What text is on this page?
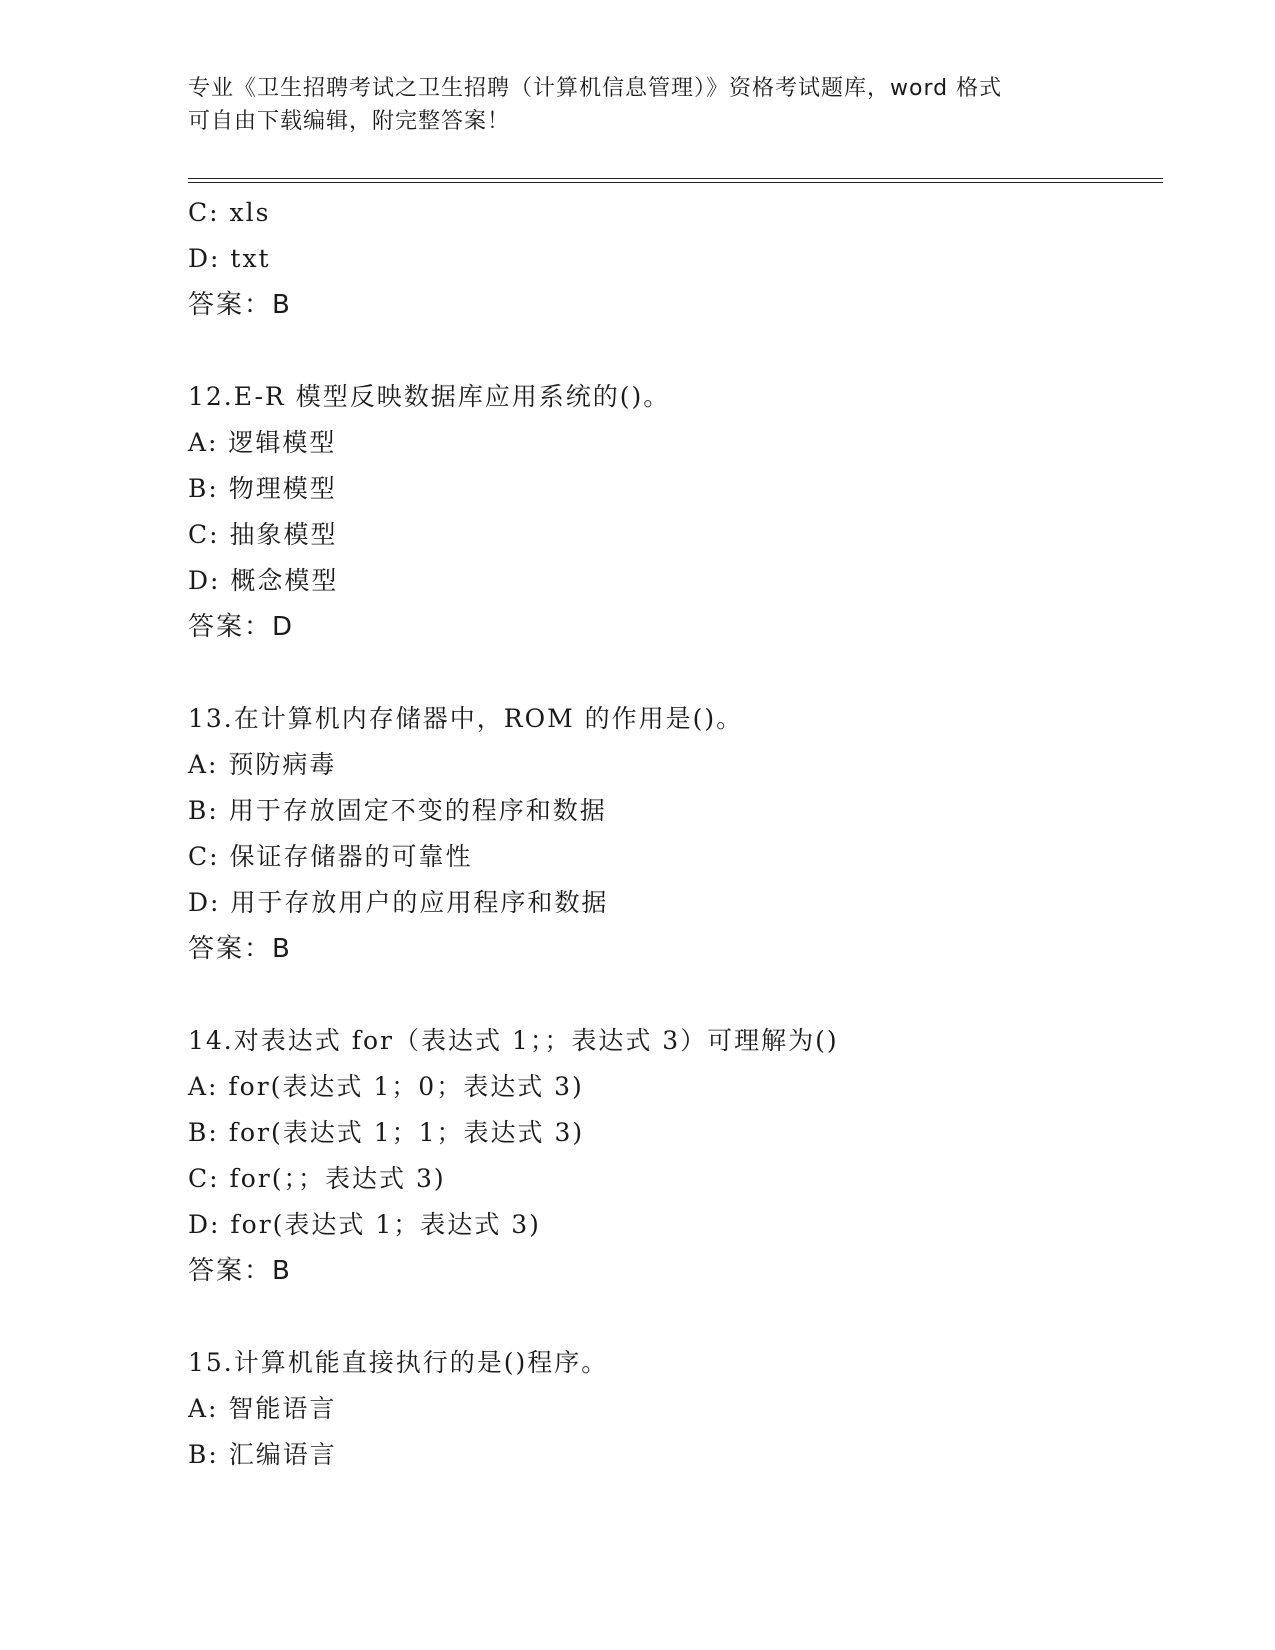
专业《卫生招聘考试之卫生招聘（计算机信息管理）》资格考试题库，word 格式
可自由下载编辑，附完整答案！
C: xls
D: txt
答案：B
12.E-R 模型反映数据库应用系统的()。
A: 逻辑模型
B: 物理模型
C: 抽象模型
D: 概念模型
答案：D
13.在计算机内存储器中，ROM 的作用是()。
A: 预防病毒
B: 用于存放固定不变的程序和数据
C: 保证存储器的可靠性
D: 用于存放用户的应用程序和数据
答案：B
14.对表达式 for（表达式 1；；表达式 3）可理解为()
A: for(表达式 1；0；表达式 3)
B: for(表达式 1；1；表达式 3)
C: for(；；表达式 3)
D: for(表达式 1；表达式 3)
答案：B
15.计算机能直接执行的是()程序。
A: 智能语言
B: 汇编语言
